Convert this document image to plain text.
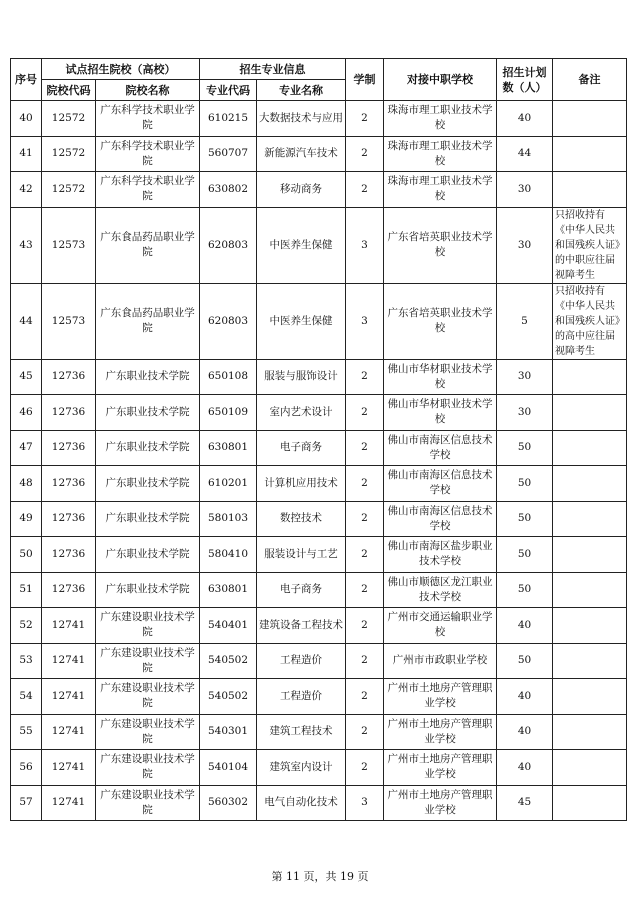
序号	试点招生院校（高校）		招生专业信息		学制	对接中职学校	招生计划数（人）	备注
	院校代码	院校名称	专业代码	专业名称				
40	12572	广东科学技术职业学院	610215	大数据技术与应用	2	珠海市理工职业技术学校	40	
41	12572	广东科学技术职业学院	560707	新能源汽车技术	2	珠海市理工职业技术学校	44	
42	12572	广东科学技术职业学院	630802	移动商务	2	珠海市理工职业技术学校	30	
43	12573	广东食品药品职业学院	620803	中医养生保健	3	广东省培英职业技术学校	30	只招收持有《中华人民共和国残疾人证》的中职应往届视障考生
44	12573	广东食品药品职业学院	620803	中医养生保健	3	广东省培英职业技术学校	5	只招收持有《中华人民共和国残疾人证》的高中应往届视障考生
45	12736	广东职业技术学院	650108	服装与服饰设计	2	佛山市华材职业技术学校	30	
46	12736	广东职业技术学院	650109	室内艺术设计	2	佛山市华材职业技术学校	30	
47	12736	广东职业技术学院	630801	电子商务	2	佛山市南海区信息技术学校	50	
48	12736	广东职业技术学院	610201	计算机应用技术	2	佛山市南海区信息技术学校	50	
49	12736	广东职业技术学院	580103	数控技术	2	佛山市南海区信息技术学校	50	
50	12736	广东职业技术学院	580410	服装设计与工艺	2	佛山市南海区盐步职业技术学校	50	
51	12736	广东职业技术学院	630801	电子商务	2	佛山市顺德区龙江职业技术学校	50	
52	12741	广东建设职业技术学院	540401	建筑设备工程技术	2	广州市交通运输职业学校	40	
53	12741	广东建设职业技术学院	540502	工程造价	2	广州市市政职业学校	50	
54	12741	广东建设职业技术学院	540502	工程造价	2	广州市土地房产管理职业学校	40	
55	12741	广东建设职业技术学院	540301	建筑工程技术	2	广州市土地房产管理职业学校	40	
56	12741	广东建设职业技术学院	540104	建筑室内设计	2	广州市土地房产管理职业学校	40	
57	12741	广东建设职业技术学院	560302	电气自动化技术	3	广州市土地房产管理职业学校	45	
第 11 页，共 19 页
